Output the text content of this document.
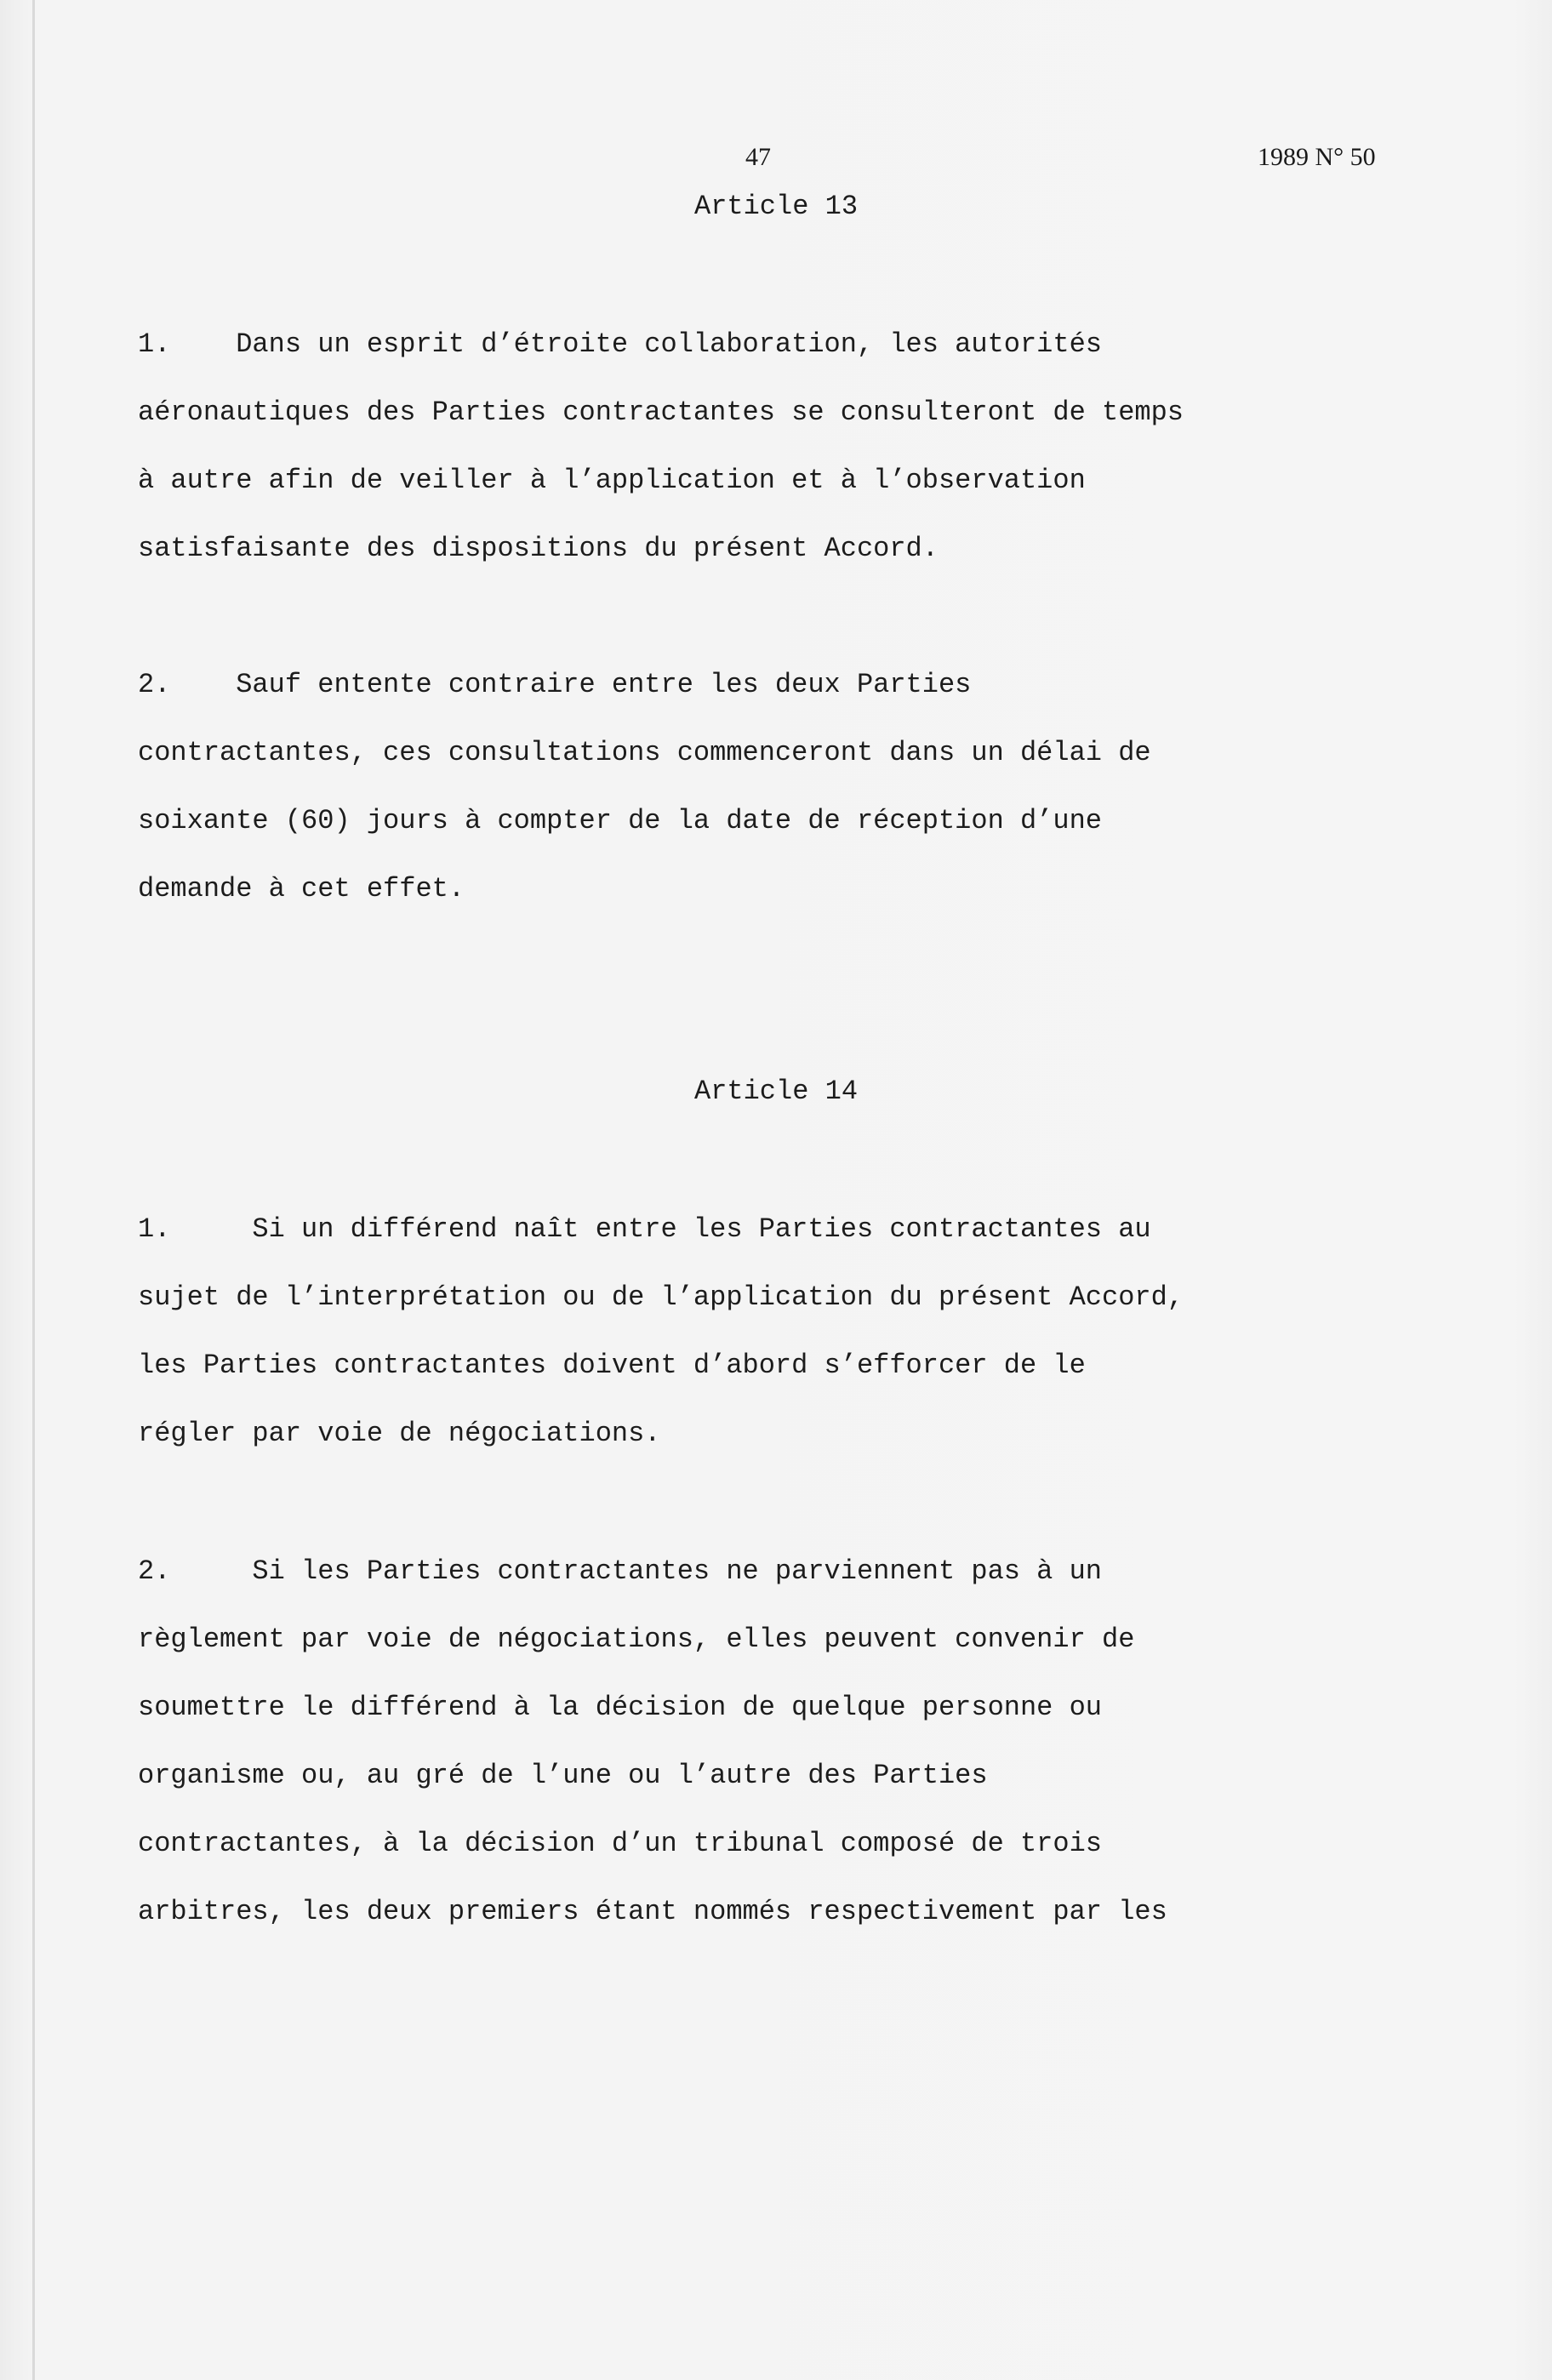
47	1989 N° 50
Article 13
1.    Dans un esprit d’étroite collaboration, les autorités
aéronautiques des Parties contractantes se consulteront de temps
à autre afin de veiller à l’application et à l’observation
satisfaisante des dispositions du présent Accord.
2.    Sauf entente contraire entre les deux Parties
contractantes, ces consultations commenceront dans un délai de
soixante (60) jours à compter de la date de réception d’une
demande à cet effet.
Article 14
1.     Si un différend naît entre les Parties contractantes au
sujet de l’interprétation ou de l’application du présent Accord,
les Parties contractantes doivent d’abord s’efforcer de le
régler par voie de négociations.
2.     Si les Parties contractantes ne parviennent pas à un
règlement par voie de négociations, elles peuvent convenir de
soumettre le différend à la décision de quelque personne ou
organisme ou, au gré de l’une ou l’autre des Parties
contractantes, à la décision d’un tribunal composé de trois
arbitres, les deux premiers étant nommés respectivement par les
